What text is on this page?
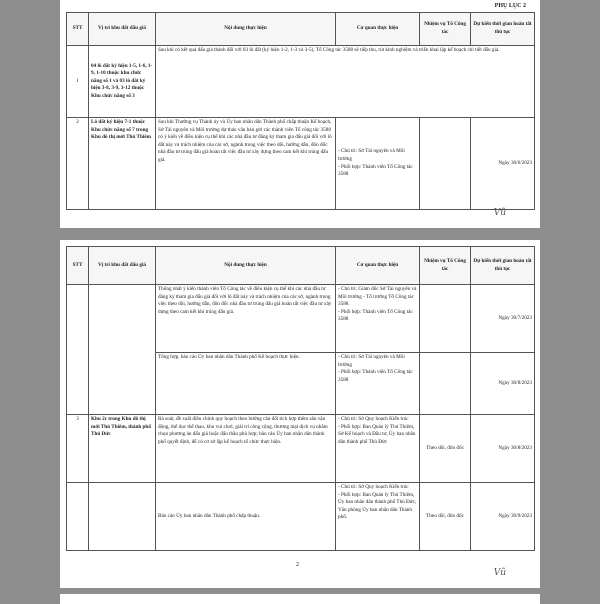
PHỤ LỤC 2
STT	Vị trí khu đất đấu giá	Nội dung thực hiện	Cơ quan thực hiện	Nhiệm vụ Tổ Công tác	Dự kiến thời gian hoàn tất thủ tục
1	04 lô đất ký hiệu 1-5, 1-6, 1-9, 1-10 thuộc khu chức năng số 1 và 03 lô đất ký hiệu 3-8, 3-9, 3-12 thuộc Khu chức năng số 3	Sau khi có kết quả đấu giá thành đối với 03 lô đất (ký hiệu 1-2, 1-3 và 3-5), Tổ Công tác 3588 sẽ tiếp thu, rút kinh nghiệm và triển khai lập kế hoạch chi tiết đấu giá.			
2	Lô đất ký hiệu 7-1 thuộc Khu chức năng số 7 trong Khu đô thị mới Thủ Thiêm	Sau khi Thường vụ Thành ủy và Ủy ban nhân dân Thành phố chấp thuận Kế hoạch, Sở Tài nguyên và Môi trường dự thảo văn bản gửi các thành viên Tổ công tác 3588 có ý kiến về điều kiện cụ thể khi các nhà đầu tư đăng ký tham gia đấu giá đối với lô đất này và trách nhiệm của các sở, ngành trong việc theo dõi, hướng dẫn, đôn đốc nhà đầu tư trúng đấu giá hoàn tất việc đầu tư xây dựng theo cam kết khi trúng đấu giá.	- Chủ trì: Sở Tài nguyên và Môi trường
- Phối hợp: Thành viên Tổ Công tác 3588		Ngày 30/6/2023
Vũ
STT	Vị trí khu đất đấu giá	Nội dung thực hiện	Cơ quan thực hiện	Nhiệm vụ Tổ Công tác	Dự kiến thời gian hoàn tất thủ tục
		Thống nhất ý kiến thành viên Tổ Công tác về điều kiện cụ thể khi các nhà đầu tư đăng ký tham gia đấu giá đối với lô đất này và trách nhiệm của các sở, ngành trong việc theo dõi, hướng dẫn, đôn đốc nhà đầu tư trúng đấu giá hoàn tất việc đầu tư xây dựng theo cam kết khi trúng đấu giá.	- Chủ trì: Giám đốc Sở Tài nguyên và Môi trường - Tổ trưởng Tổ Công tác 3588.
- Phối hợp: Thành viên Tổ Công tác 3588		Ngày 30/7/2023
		Tổng hợp, báo cáo Ủy ban nhân dân Thành phố Kế hoạch thực hiện.	- Chủ trì: Sở Tài nguyên và Môi trường
- Phối hợp: Thành viên Tổ Công tác 3588		Ngày 30/8/2023
3	Khu 2c trong Khu đô thị mới Thủ Thiêm, thành phố Thủ Đức	Rà soát, đề xuất điều chỉnh quy hoạch theo hướng cân đối tích hợp thêm sân vận động, thể dục thể thao, khu vui chơi, giải trí công cộng, thương mại dịch vụ nhằm chọn phương án đấu giá hoặc đấu thầu phù hợp; báo cáo Ủy ban nhân dân thành phố quyết định, để có cơ sở lập kế hoạch tổ chức thực hiện.	- Chủ trì: Sở Quy hoạch Kiến trúc
- Phối hợp: Ban Quản lý Thủ Thiêm, Sở Kế hoạch và Đầu tư, Ủy ban nhân dân thành phố Thủ Đức	Theo dõi, đôn đốc	Ngày 30/8/2023
		Báo cáo Ủy ban nhân dân Thành phố chấp thuận.	- Chủ trì: Sở Quy hoạch Kiến trúc
- Phối hợp: Ban Quản lý Thủ Thiêm, Ủy ban nhân dân thành phố Thủ Đức, Văn phòng Ủy ban nhân dân Thành phố.	Theo dõi, đôn đốc	Ngày 30/9/2023
2
Vũ
